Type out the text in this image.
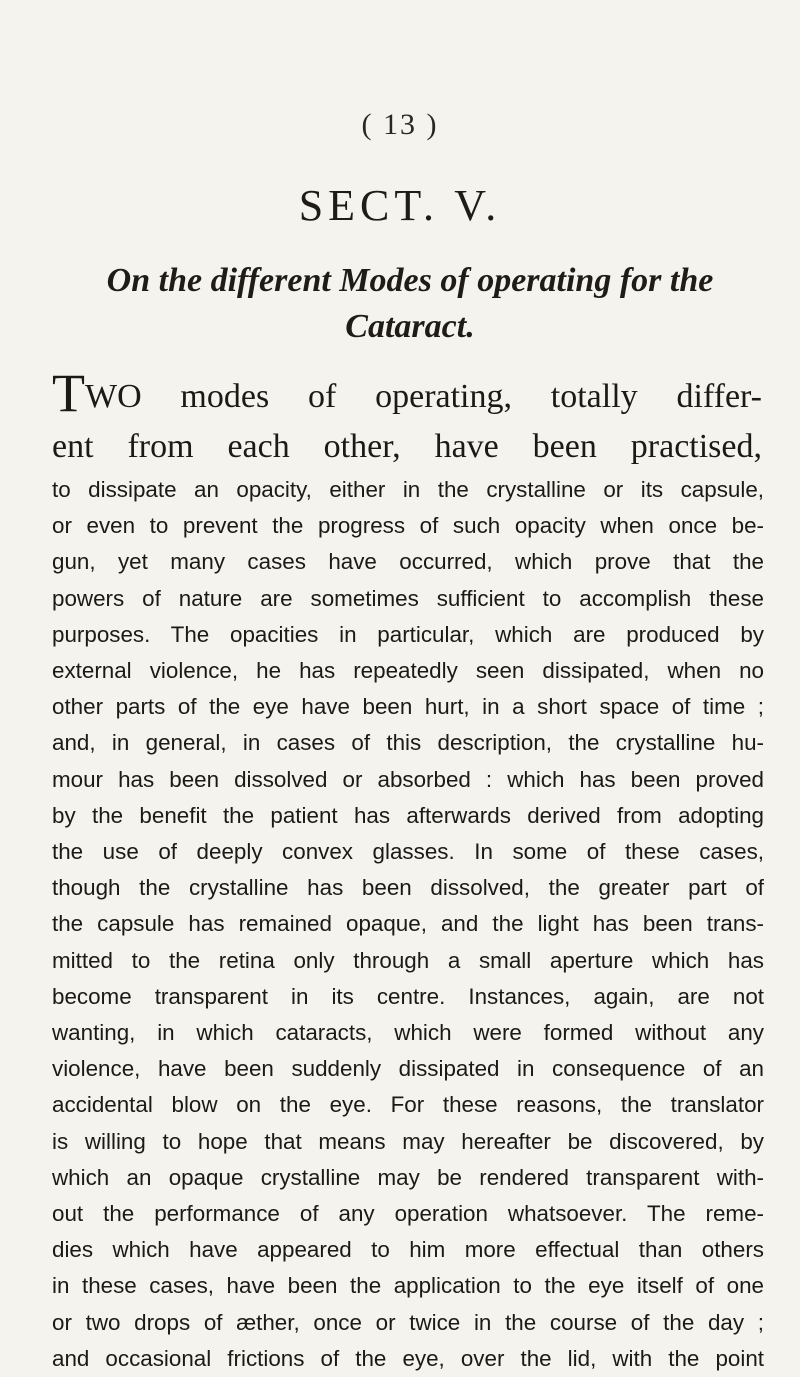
( 13 )
SECT. V.
On the different Modes of operating for the
Cataract.
TWO modes of operating, totally differ-
ent from each other, have been practised,
to dissipate an opacity, either in the crystalline or its capsule,
or even to prevent the progress of such opacity when once be-
gun, yet many cases have occurred, which prove that the
powers of nature are sometimes sufficient to accomplish these
purposes. The opacities in particular, which are produced by
external violence, he has repeatedly seen dissipated, when no
other parts of the eye have been hurt, in a short space of time ;
and, in general, in cases of this description, the crystalline hu-
mour has been dissolved or absorbed : which has been proved
by the benefit the patient has afterwards derived from adopting
the use of deeply convex glasses. In some of these cases,
though the crystalline has been dissolved, the greater part of
the capsule has remained opaque, and the light has been trans-
mitted to the retina only through a small aperture which has
become transparent in its centre. Instances, again, are not
wanting, in which cataracts, which were formed without any
violence, have been suddenly dissipated in consequence of an
accidental blow on the eye. For these reasons, the translator
is willing to hope that means may hereafter be discovered, by
which an opaque crystalline may be rendered transparent with-
out the performance of any operation whatsoever. The reme-
dies which have appeared to him more effectual than others
in these cases, have been the application to the eye itself of one
or two drops of æther, once or twice in the course of the day ;
and occasional frictions of the eye, over the lid, with the point
